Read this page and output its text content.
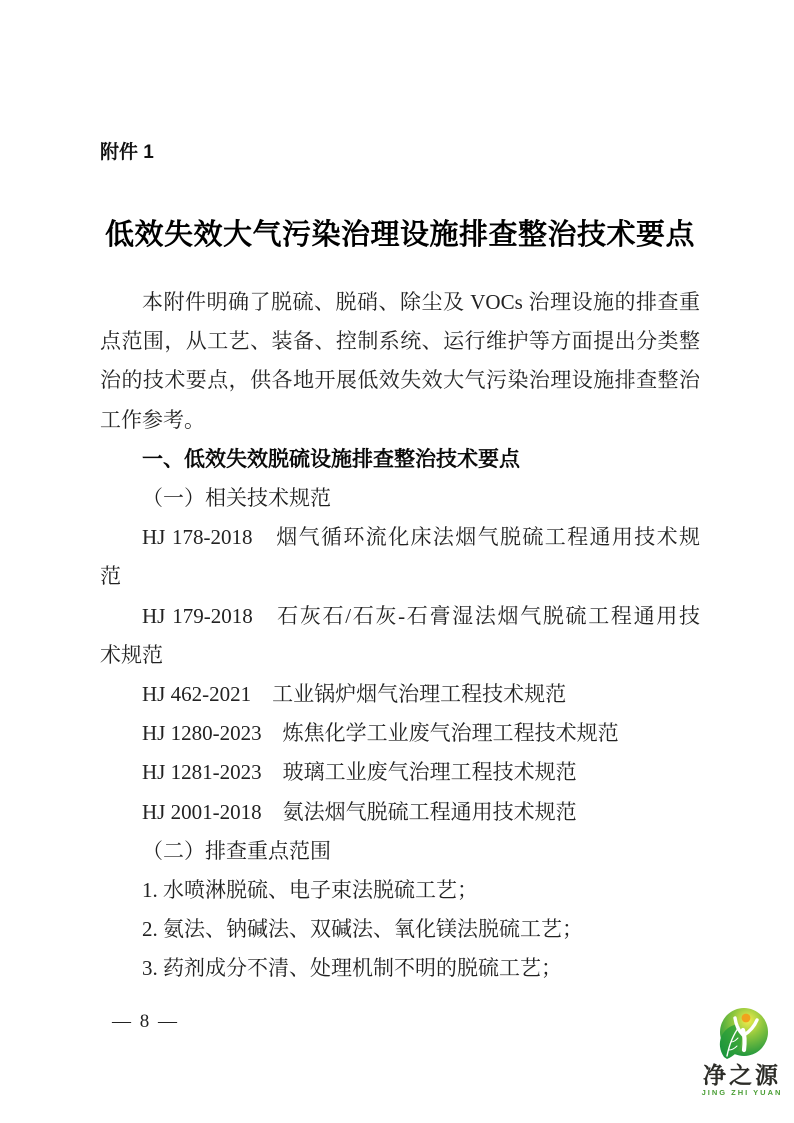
附件 1
低效失效大气污染治理设施排查整治技术要点
本附件明确了脱硫、脱硝、除尘及 VOCs 治理设施的排查重
点范围，从工艺、装备、控制系统、运行维护等方面提出分类整
治的技术要点，供各地开展低效失效大气污染治理设施排查整治
工作参考。
一、低效失效脱硫设施排查整治技术要点
（一）相关技术规范
HJ 178-2018　烟气循环流化床法烟气脱硫工程通用技术规
范
HJ 179-2018　石灰石/石灰-石膏湿法烟气脱硫工程通用技
术规范
HJ 462-2021　工业锅炉烟气治理工程技术规范
HJ 1280-2023　炼焦化学工业废气治理工程技术规范
HJ 1281-2023　玻璃工业废气治理工程技术规范
HJ 2001-2018　氨法烟气脱硫工程通用技术规范
（二）排查重点范围
1. 水喷淋脱硫、电子束法脱硫工艺；
2. 氨法、钠碱法、双碱法、氧化镁法脱硫工艺；
3. 药剂成分不清、处理机制不明的脱硫工艺；
— 8 —
净之源
JING ZHI YUAN
